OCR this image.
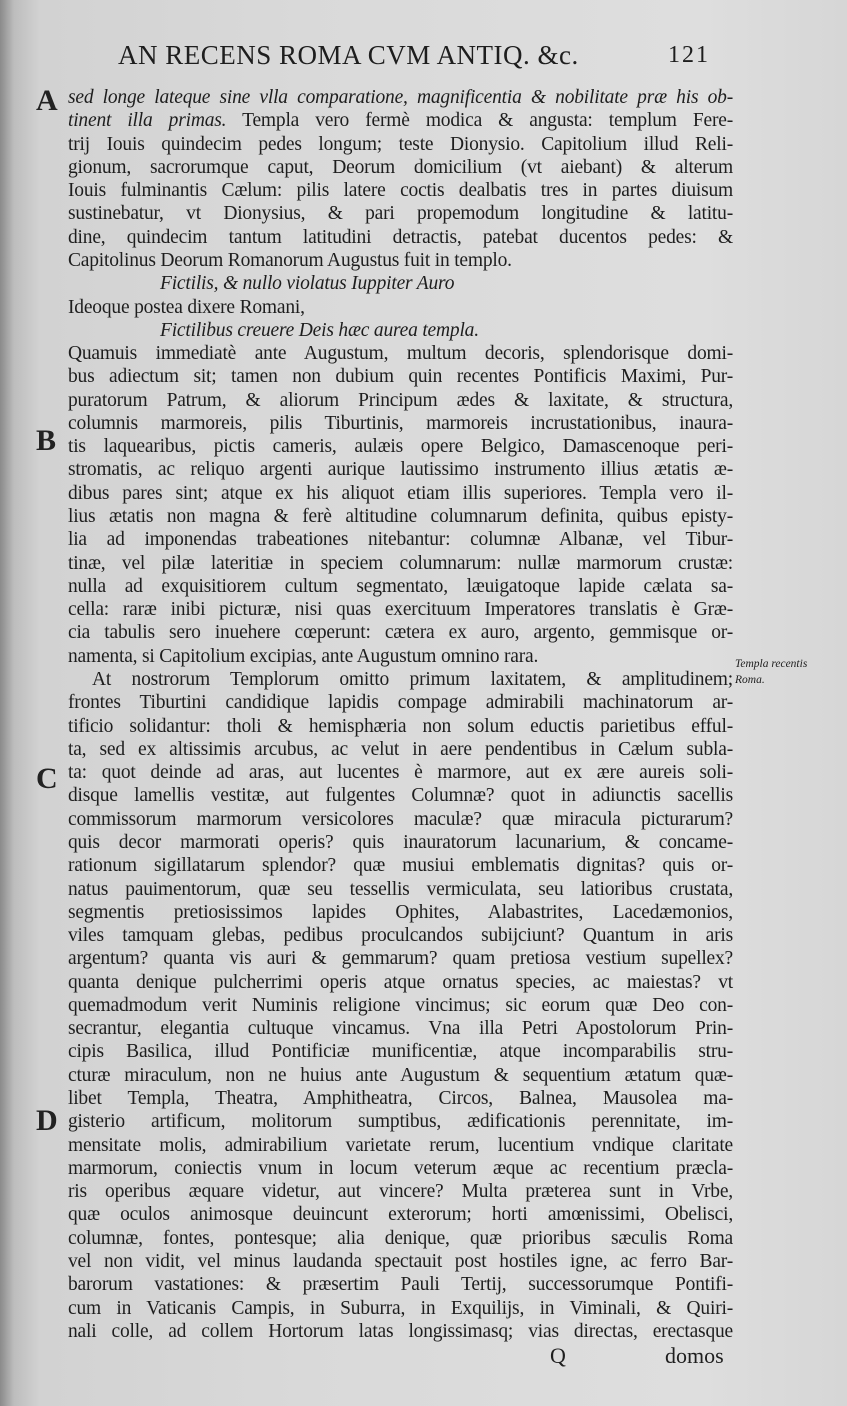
AN RECENS ROMA CVM ANTIQ. &c.	121
A
B
C
D
Templa recentis
Roma.
sed longe lateque sine vlla comparatione, magnificentia & nobilitate præ his ob-
tinent illa primas. Templa vero fermè modica & angusta: templum Fere-
trij Iouis quindecim pedes longum; teste Dionysio. Capitolium illud Reli-
gionum, sacrorumque caput, Deorum domicilium (vt aiebant) & alterum
Iouis fulminantis Cælum: pilis latere coctis dealbatis tres in partes diuisum
sustinebatur, vt Dionysius, & pari propemodum longitudine & latitu-
dine, quindecim tantum latitudini detractis, patebat ducentos pedes: &
Capitolinus Deorum Romanorum Augustus fuit in templo.
Fictilis, & nullo violatus Iuppiter Auro
Ideoque postea dixere Romani,
Fictilibus creuere Deis hæc aurea templa.
Quamuis immediatè ante Augustum, multum decoris, splendorisque domi-
bus adiectum sit; tamen non dubium quin recentes Pontificis Maximi, Pur-
puratorum Patrum, & aliorum Principum ædes & laxitate, & structura,
columnis marmoreis, pilis Tiburtinis, marmoreis incrustationibus, inaura-
tis laquearibus, pictis cameris, aulæis opere Belgico, Damascenoque peri-
stromatis, ac reliquo argenti aurique lautissimo instrumento illius ætatis æ-
dibus pares sint; atque ex his aliquot etiam illis superiores. Templa vero il-
lius ætatis non magna & ferè altitudine columnarum definita, quibus episty-
lia ad imponendas trabeationes nitebantur: columnæ Albanæ, vel Tibur-
tinæ, vel pilæ lateritiæ in speciem columnarum: nullæ marmorum crustæ:
nulla ad exquisitiorem cultum segmentato, læuigatoque lapide cælata sa-
cella: raræ inibi picturæ, nisi quas exercituum Imperatores translatis è Græ-
cia tabulis sero inuehere cœperunt: cætera ex auro, argento, gemmisque or-
namenta, si Capitolium excipias, ante Augustum omnino rara.
At nostrorum Templorum omitto primum laxitatem, & amplitudinem;
frontes Tiburtini candidique lapidis compage admirabili machinatorum ar-
tificio solidantur: tholi & hemisphæria non solum eductis parietibus efful-
ta, sed ex altissimis arcubus, ac velut in aere pendentibus in Cælum subla-
ta: quot deinde ad aras, aut lucentes è marmore, aut ex ære aureis soli-
disque lamellis vestitæ, aut fulgentes Columnæ? quot in adiunctis sacellis
commissorum marmorum versicolores maculæ? quæ miracula picturarum?
quis decor marmorati operis? quis inauratorum lacunarium, & concame-
rationum sigillatarum splendor? quæ musiui emblematis dignitas? quis or-
natus pauimentorum, quæ seu tessellis vermiculata, seu latioribus crustata,
segmentis pretiosissimos lapides Ophites, Alabastrites, Lacedæmonios,
viles tamquam glebas, pedibus proculcandos subijciunt? Quantum in aris
argentum? quanta vis auri & gemmarum? quam pretiosa vestium supellex?
quanta denique pulcherrimi operis atque ornatus species, ac maiestas? vt
quemadmodum verit Numinis religione vincimus; sic eorum quæ Deo con-
secrantur, elegantia cultuque vincamus. Vna illa Petri Apostolorum Prin-
cipis Basilica, illud Pontificiæ munificentiæ, atque incomparabilis stru-
cturæ miraculum, non ne huius ante Augustum & sequentium ætatum quæ-
libet Templa, Theatra, Amphitheatra, Circos, Balnea, Mausolea ma-
gisterio artificum, molitorum sumptibus, ædificationis perennitate, im-
mensitate molis, admirabilium varietate rerum, lucentium vndique claritate
marmorum, coniectis vnum in locum veterum æque ac recentium præcla-
ris operibus æquare videtur, aut vincere? Multa præterea sunt in Vrbe,
quæ oculos animosque deuincunt exterorum; horti amœnissimi, Obelisci,
columnæ, fontes, pontesque; alia denique, quæ prioribus sæculis Roma
vel non vidit, vel minus laudanda spectauit post hostiles igne, ac ferro Bar-
barorum vastationes: & præsertim Pauli Tertij, successorumque Pontifi-
cum in Vaticanis Campis, in Suburra, in Exquilijs, in Viminali, & Quiri-
nali colle, ad collem Hortorum latas longissimasq; vias directas, erectasque
Q	domos
